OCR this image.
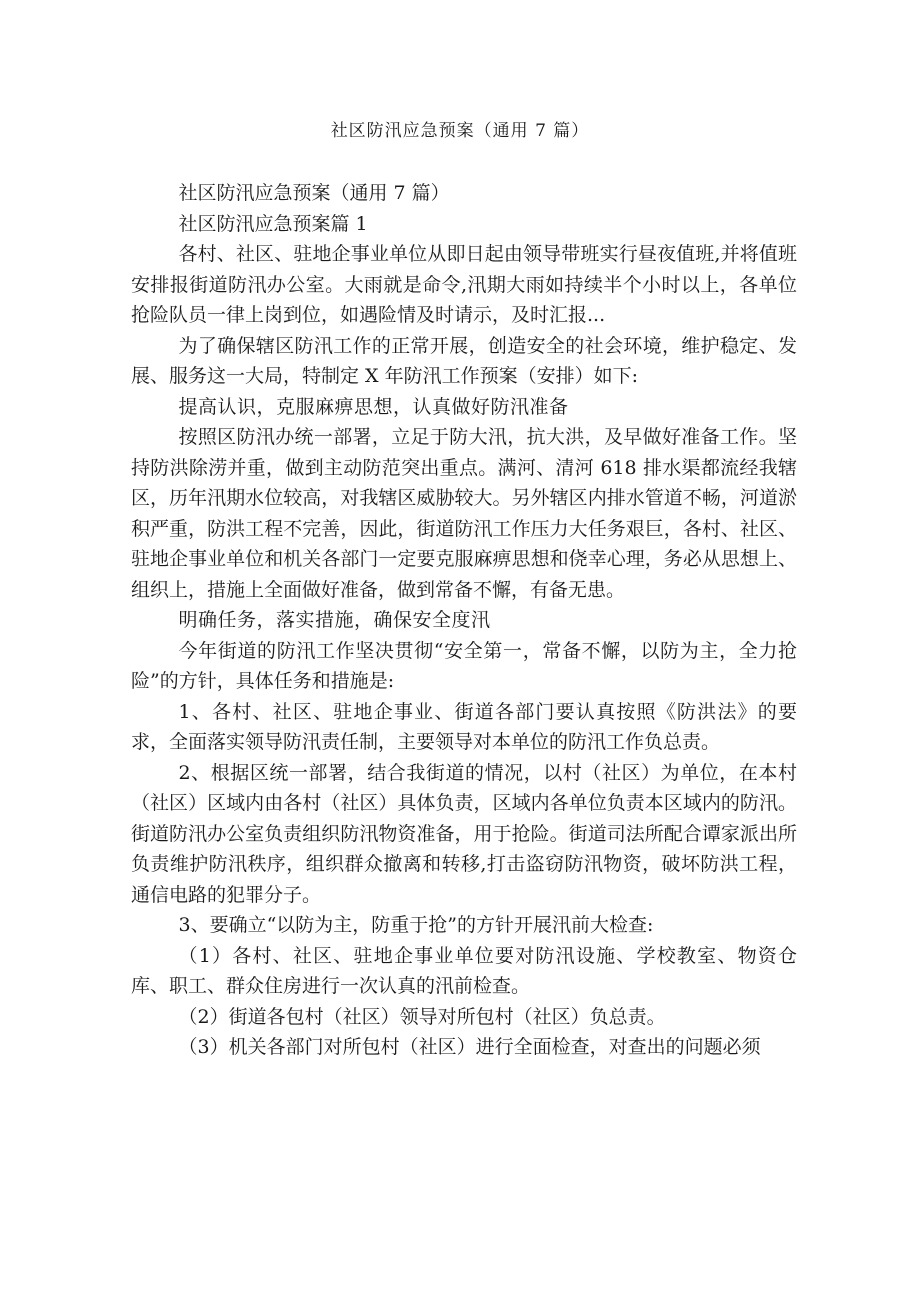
社区防汛应急预案（通用 7 篇）

社区防汛应急预案（通用 7 篇）

社区防汛应急预案篇 1

各村、社区、驻地企事业单位从即日起由领导带班实行昼夜值班,并将值班安排报街道防汛办公室。大雨就是命令,汛期大雨如持续半个小时以上，各单位抢险队员一律上岗到位，如遇险情及时请示，及时汇报...

为了确保辖区防汛工作的正常开展，创造安全的社会环境，维护稳定、发展、服务这一大局，特制定 X 年防汛工作预案（安排）如下:

提高认识，克服麻痹思想，认真做好防汛准备

按照区防汛办统一部署，立足于防大汛，抗大洪，及早做好准备工作。坚持防洪除涝并重，做到主动防范突出重点。满河、清河 618 排水渠都流经我辖区，历年汛期水位较高，对我辖区威胁较大。另外辖区内排水管道不畅，河道淤积严重，防洪工程不完善，因此，街道防汛工作压力大任务艰巨，各村、社区、驻地企事业单位和机关各部门一定要克服麻痹思想和侥幸心理，务必从思想上、组织上，措施上全面做好准备，做到常备不懈，有备无患。

明确任务，落实措施，确保安全度汛

今年街道的防汛工作坚决贯彻“安全第一，常备不懈，以防为主，全力抢险”的方针，具体任务和措施是:

1、各村、社区、驻地企事业、街道各部门要认真按照《防洪法》的要求，全面落实领导防汛责任制，主要领导对本单位的防汛工作负总责。

2、根据区统一部署，结合我街道的情况，以村（社区）为单位，在本村（社区）区域内由各村（社区）具体负责，区域内各单位负责本区域内的防汛。街道防汛办公室负责组织防汛物资准备，用于抢险。街道司法所配合谭家派出所负责维护防汛秩序，组织群众撤离和转移,打击盗窃防汛物资，破坏防洪工程，通信电路的犯罪分子。

3、要确立“以防为主，防重于抢”的方针开展汛前大检查:

（1）各村、社区、驻地企事业单位要对防汛设施、学校教室、物资仓库、职工、群众住房进行一次认真的汛前检查。

（2）街道各包村（社区）领导对所包村（社区）负总责。

（3）机关各部门对所包村（社区）进行全面检查，对查出的问题必须
